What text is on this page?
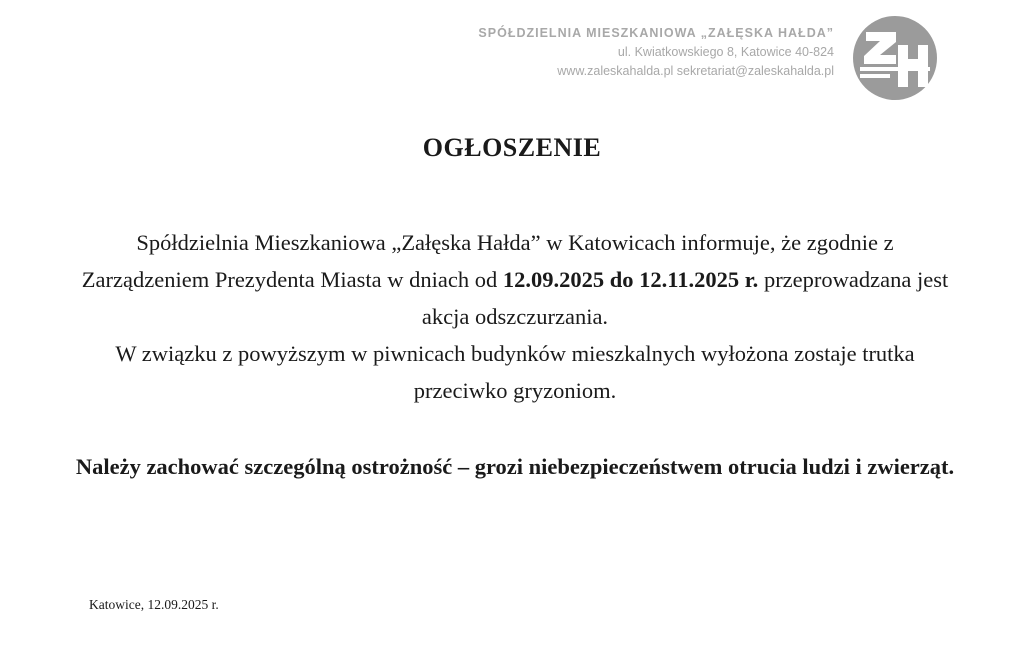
SPÓŁDZIELNIA MIESZKANIOWA „ZAŁĘSKA HAŁDA”
ul. Kwiatkowskiego 8, Katowice 40-824
www.zaleskahalda.pl sekretariat@zaleskahalda.pl
OGŁOSZENIE
Spółdzielnia Mieszkaniowa „Załęska Hałda” w Katowicach informuje, że zgodnie z Zarządzeniem Prezydenta Miasta w dniach od 12.09.2025 do 12.11.2025 r. przeprowadzana jest akcja odszczurzania.
W związku z powyższym w piwnicach budynków mieszkalnych wyłożona zostaje trutka przeciwko gryzoniom.
Należy zachować szczególną ostrożność – grozi niebezpieczeństwem otrucia ludzi i zwierząt.
Katowice, 12.09.2025 r.
